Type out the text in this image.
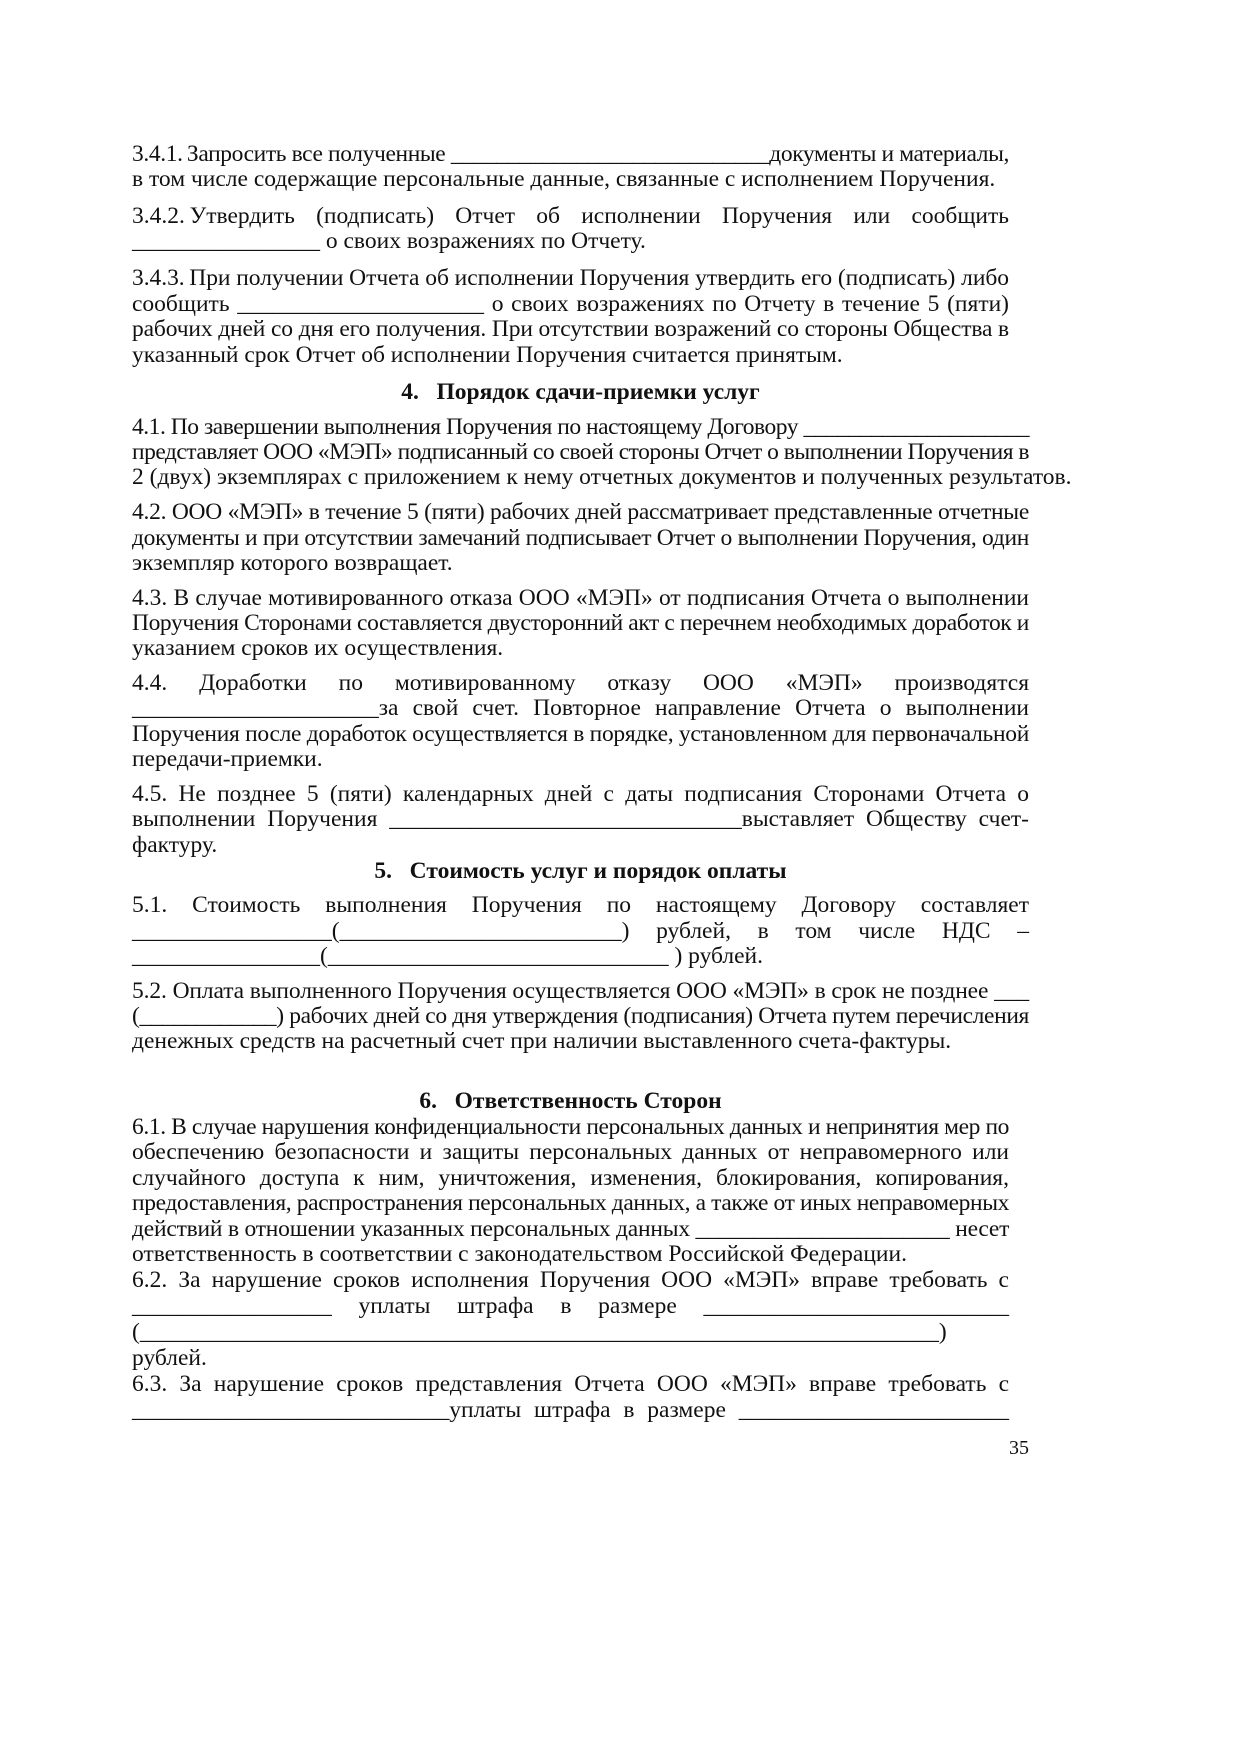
3.4.1. Запросить все полученные ____________________________документы и материалы,
в том числе содержащие персональные данные, связанные с исполнением Поручения.
3.4.2. Утвердить (подписать) Отчет об исполнении Поручения или сообщить
________________ о своих возражениях по Отчету.
3.4.3. При получении Отчета об исполнении Поручения утвердить его (подписать) либо
сообщить _____________________ о своих возражениях по Отчету в течение 5 (пяти)
рабочих дней со дня его получения. При отсутствии возражений со стороны Общества в
указанный срок Отчет об исполнении Поручения считается принятым.
4.   Порядок сдачи-приемки услуг
4.1. По завершении выполнения Поручения по настоящему Договору ____________________
представляет ООО «МЭП» подписанный со своей стороны Отчет о выполнении Поручения в
2 (двух) экземплярах с приложением к нему отчетных документов и полученных результатов.
4.2. ООО «МЭП» в течение 5 (пяти) рабочих дней рассматривает представленные отчетные
документы и при отсутствии замечаний подписывает Отчет о выполнении Поручения, один
экземпляр которого возвращает.
4.3. В случае мотивированного отказа ООО «МЭП» от подписания Отчета о выполнении
Поручения Сторонами составляется двусторонний акт с перечнем необходимых доработок и
указанием сроков их осуществления.
4.4. Доработки по мотивированному отказу ООО «МЭП» производятся
_____________________за свой счет. Повторное направление Отчета о выполнении
Поручения после доработок осуществляется в порядке, установленном для первоначальной
передачи-приемки.
4.5. Не позднее 5 (пяти) календарных дней с даты подписания Сторонами Отчета о
выполнении Поручения ______________________________выставляет Обществу счет-
фактуру.
5.   Стоимость услуг и порядок оплаты
5.1. Стоимость выполнения Поручения по настоящему Договору составляет
_________________(________________________) рублей, в том числе НДС –
________________(_____________________________ ) рублей.
5.2. Оплата выполненного Поручения осуществляется ООО «МЭП» в срок не позднее ___
(____________) рабочих дней со дня утверждения (подписания) Отчета путем перечисления
денежных средств на расчетный счет при наличии выставленного счета-фактуры.
6.   Ответственность Сторон
6.1. В случае нарушения конфиденциальности персональных данных и непринятия мер по
обеспечению безопасности и защиты персональных данных от неправомерного или
случайного доступа к ним, уничтожения, изменения, блокирования, копирования,
предоставления, распространения персональных данных, а также от иных неправомерных
действий в отношении указанных персональных данных ______________________ несет
ответственность в соответствии с законодательством Российской Федерации.
6.2. За нарушение сроков исполнения Поручения ООО «МЭП» вправе требовать с
_________________ уплаты штрафа в размере __________________________
(____________________________________________________________________)
рублей.
6.3. За нарушение сроков представления Отчета ООО «МЭП» вправе требовать с
___________________________уплаты штрафа в размере _______________________
35
